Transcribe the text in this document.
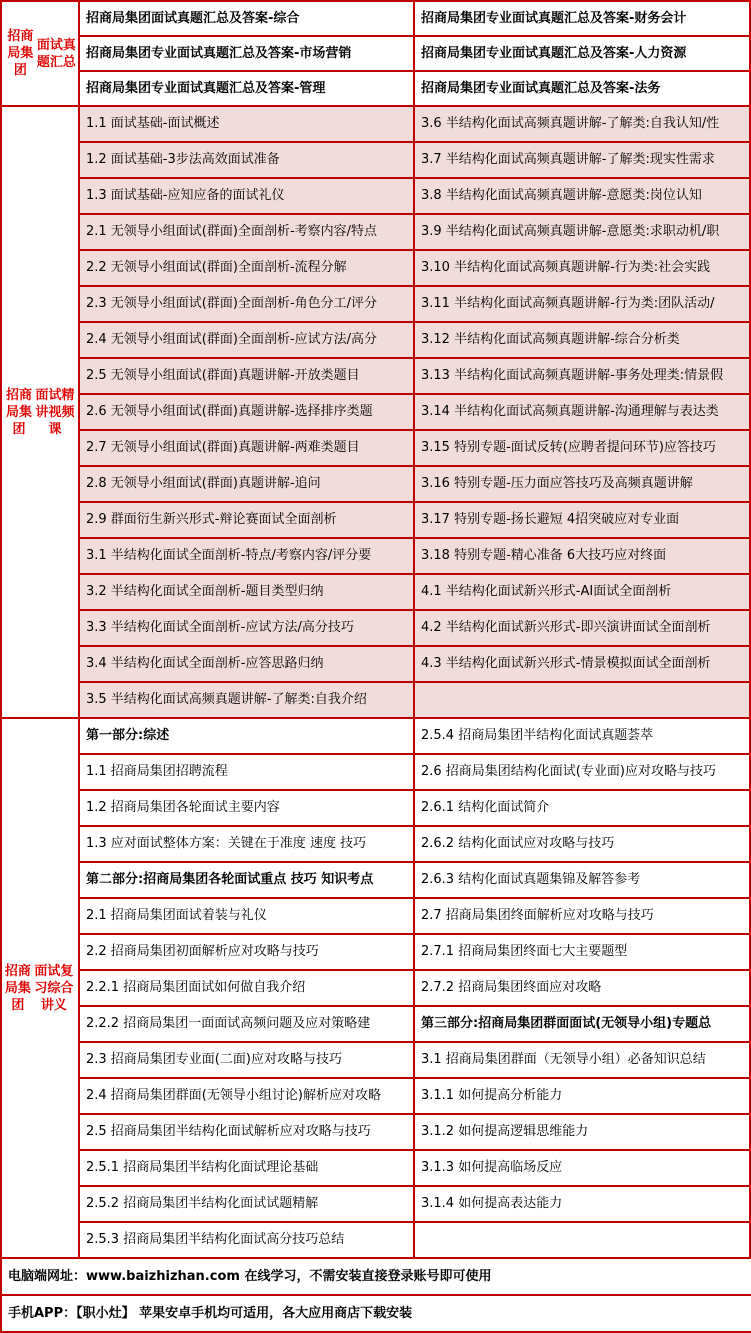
招商局集团
面试真题汇总
招商局集团面试真题汇总及答案-综合	招商局集团专业面试真题汇总及答案-财务会计
招商局集团专业面试真题汇总及答案-市场营销	招商局集团专业面试真题汇总及答案-人力资源
招商局集团专业面试真题汇总及答案-管理	招商局集团专业面试真题汇总及答案-法务
招商局集团
面试精讲视频课
1.1 面试基础-面试概述	3.6 半结构化面试高频真题讲解-了解类:自我认知/性
1.2 面试基础-3步法高效面试准备	3.7 半结构化面试高频真题讲解-了解类:现实性需求
1.3 面试基础-应知应备的面试礼仪	3.8 半结构化面试高频真题讲解-意愿类:岗位认知
2.1 无领导小组面试(群面)全面剖析-考察内容/特点	3.9 半结构化面试高频真题讲解-意愿类:求职动机/职
2.2 无领导小组面试(群面)全面剖析-流程分解	3.10 半结构化面试高频真题讲解-行为类:社会实践
2.3 无领导小组面试(群面)全面剖析-角色分工/评分	3.11 半结构化面试高频真题讲解-行为类:团队活动/
2.4 无领导小组面试(群面)全面剖析-应试方法/高分	3.12 半结构化面试高频真题讲解-综合分析类
2.5 无领导小组面试(群面)真题讲解-开放类题目	3.13 半结构化面试高频真题讲解-事务处理类:情景假
2.6 无领导小组面试(群面)真题讲解-选择排序类题	3.14 半结构化面试高频真题讲解-沟通理解与表达类
2.7 无领导小组面试(群面)真题讲解-两难类题目	3.15 特别专题-面试反转(应聘者提问环节)应答技巧
2.8 无领导小组面试(群面)真题讲解-追问	3.16 特别专题-压力面应答技巧及高频真题讲解
2.9 群面衍生新兴形式-辩论赛面试全面剖析	3.17 特别专题-扬长避短 4招突破应对专业面
3.1 半结构化面试全面剖析-特点/考察内容/评分要	3.18 特别专题-精心准备 6大技巧应对终面
3.2 半结构化面试全面剖析-题目类型归纳	4.1 半结构化面试新兴形式-AI面试全面剖析
3.3 半结构化面试全面剖析-应试方法/高分技巧	4.2 半结构化面试新兴形式-即兴演讲面试全面剖析
3.4 半结构化面试全面剖析-应答思路归纳	4.3 半结构化面试新兴形式-情景模拟面试全面剖析
3.5 半结构化面试高频真题讲解-了解类:自我介绍
招商局集团
面试复习综合讲义
第一部分:综述	2.5.4 招商局集团半结构化面试真题荟萃
1.1 招商局集团招聘流程	2.6 招商局集团结构化面试(专业面)应对攻略与技巧
1.2 招商局集团各轮面试主要内容	2.6.1 结构化面试简介
1.3 应对面试整体方案：关键在于准度 速度 技巧	2.6.2 结构化面试应对攻略与技巧
第二部分:招商局集团各轮面试重点 技巧 知识考点	2.6.3 结构化面试真题集锦及解答参考
2.1 招商局集团面试着装与礼仪	2.7 招商局集团终面解析应对攻略与技巧
2.2 招商局集团初面解析应对攻略与技巧	2.7.1 招商局集团终面七大主要题型
2.2.1 招商局集团面试如何做自我介绍	2.7.2 招商局集团终面应对攻略
2.2.2 招商局集团一面面试高频问题及应对策略建	第三部分:招商局集团群面面试(无领导小组)专题总
2.3 招商局集团专业面(二面)应对攻略与技巧	3.1 招商局集团群面（无领导小组）必备知识总结
2.4 招商局集团群面(无领导小组讨论)解析应对攻略	3.1.1 如何提高分析能力
2.5 招商局集团半结构化面试解析应对攻略与技巧	3.1.2 如何提高逻辑思维能力
2.5.1 招商局集团半结构化面试理论基础	3.1.3 如何提高临场反应
2.5.2 招商局集团半结构化面试试题精解	3.1.4 如何提高表达能力
2.5.3 招商局集团半结构化面试高分技巧总结
电脑端网址：www.baizhizhan.com 在线学习，不需安装直接登录账号即可使用
手机APP：【职小灶】 苹果安卓手机均可适用，各大应用商店下载安装
